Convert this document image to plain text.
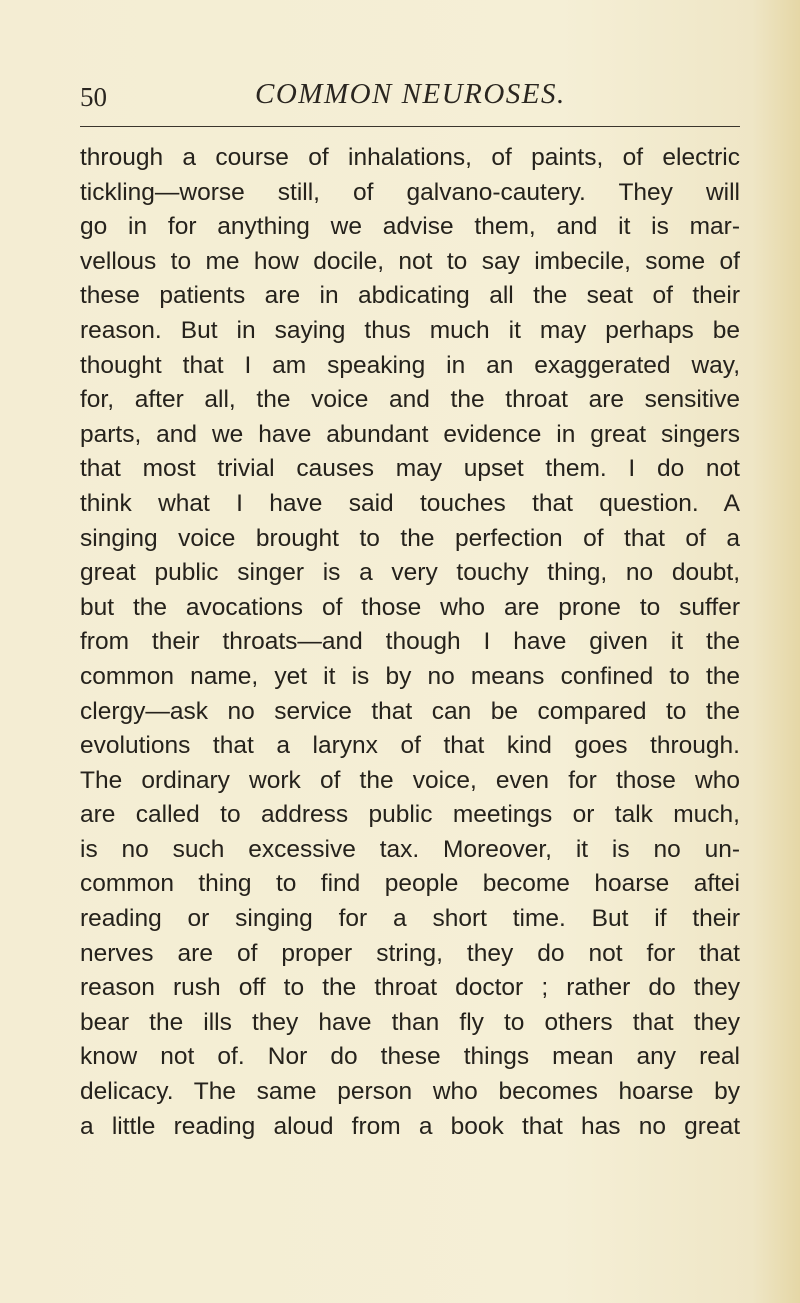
50	COMMON NEUROSES.
through a course of inhalations, of paints, of electric
tickling—worse still, of galvano-cautery. They will
go in for anything we advise them, and it is mar-
vellous to me how docile, not to say imbecile, some of
these patients are in abdicating all the seat of their
reason. But in saying thus much it may perhaps be
thought that I am speaking in an exaggerated way,
for, after all, the voice and the throat are sensitive
parts, and we have abundant evidence in great singers
that most trivial causes may upset them. I do not
think what I have said touches that question. A
singing voice brought to the perfection of that of a
great public singer is a very touchy thing, no doubt,
but the avocations of those who are prone to suffer
from their throats—and though I have given it the
common name, yet it is by no means confined to the
clergy—ask no service that can be compared to the
evolutions that a larynx of that kind goes through.
The ordinary work of the voice, even for those who
are called to address public meetings or talk much,
is no such excessive tax. Moreover, it is no un-
common thing to find people become hoarse aftei
reading or singing for a short time. But if their
nerves are of proper string, they do not for that
reason rush off to the throat doctor ; rather do they
bear the ills they have than fly to others that they
know not of. Nor do these things mean any real
delicacy. The same person who becomes hoarse by
a little reading aloud from a book that has no great
